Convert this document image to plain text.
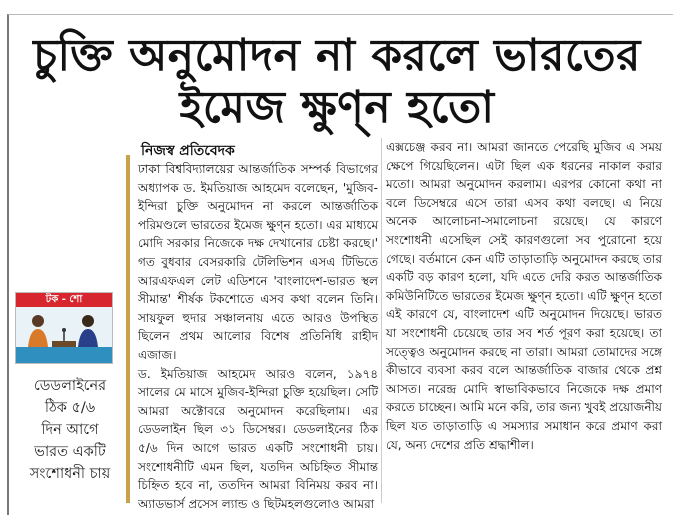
চুক্তি অনুমোদন না করলে ভারতের
ইমেজ ক্ষুণ্ন হতো
টক - শো
ডেডলাইনের
ঠিক ৫/৬
দিন আগে
ভারত একটি
সংশোধনী চায়
নিজস্ব প্রতিবেদক

ঢাকা বিশ্ববিদ্যালয়ের আন্তর্জাতিক সম্পর্ক বিভাগের অধ্যাপক ড. ইমতিয়াজ আহমেদ বলেছেন, 'মুজিব-ইন্দিরা চুক্তি অনুমোদন না করলে আন্তর্জাতিক পরিমণ্ডলে ভারতের ইমেজ ক্ষুণ্ন হতো। এর মাধ্যমে মোদি সরকার নিজেকে দক্ষ দেখানোর চেষ্টা করছে।' গত বুধবার বেসরকারি টেলিভিশন এসএ টিভিতে আরএফএল লেট এডিশনে 'বাংলাদেশ-ভারত স্থল সীমান্ত' শীর্ষক টকশোতে এসব কথা বলেন তিনি। সায়ফুল হুদার সঞ্চালনায় এতে আরও উপস্থিত ছিলেন প্রথম আলোর বিশেষ প্রতিনিধি রাহীদ এজাজ।

ড. ইমতিয়াজ আহমেদ আরও বলেন, ১৯৭৪ সালের মে মাসে মুজিব-ইন্দিরা চুক্তি হয়েছিল। সেটি আমরা অক্টোবরে অনুমোদন করেছিলাম। এর ডেডলাইন ছিল ৩১ ডিসেম্বর। ডেডলাইনের ঠিক ৫/৬ দিন আগে ভারত একটি সংশোধনী চায়। সংশোধনীটি এমন ছিল, যতদিন অচিহ্নিত সীমান্ত চিহ্নিত হবে না, ততদিন আমরা বিনিময় করব না। অ্যাডভার্স প্রসেস ল্যান্ড ও ছিটমহলগুলোও আমরা

এক্সচেঞ্জ করব না। আমরা জানতে পেরেছি মুজিব এ সময় ক্ষেপে গিয়েছিলেন। এটা ছিল এক ধরনের নাকাল করার মতো। আমরা অনুমোদন করলাম। এরপর কোনো কথা না বলে ডিসেম্বরে এসে তারা এসব কথা বলছে। এ নিয়ে অনেক আলোচনা-সমালোচনা রয়েছে। যে কারণে সংশোধনী এসেছিল সেই কারণগুলো সব পুরোনো হয়ে গেছে। বর্তমানে কেন এটি তাড়াতাড়ি অনুমোদন করছে তার একটি বড় কারণ হলো, যদি এতে দেরি করত আন্তর্জাতিক কমিউনিটিতে ভারতের ইমেজ ক্ষুণ্ন হতো। এটি ক্ষুণ্ন হতো এই কারণে যে, বাংলাদেশ এটি অনুমোদন দিয়েছে। ভারত যা সংশোধনী চেয়েছে তার সব শর্ত পূরণ করা হয়েছে। তা সত্ত্বেও অনুমোদন করছে না তারা। আমরা তোমাদের সঙ্গে কীভাবে ব্যবসা করব বলে আন্তর্জাতিক বাজার থেকে প্রশ্ন আসত। নরেন্দ্র মোদি স্বাভাবিকভাবে নিজেকে দক্ষ প্রমাণ করতে চাচ্ছেন। আমি মনে করি, তার জন্য খুবই প্রয়োজনীয় ছিল যত তাড়াতাড়ি এ সমস্যার সমাধান করে প্রমাণ করা যে, অন্য দেশের প্রতি শ্রদ্ধাশীল।
